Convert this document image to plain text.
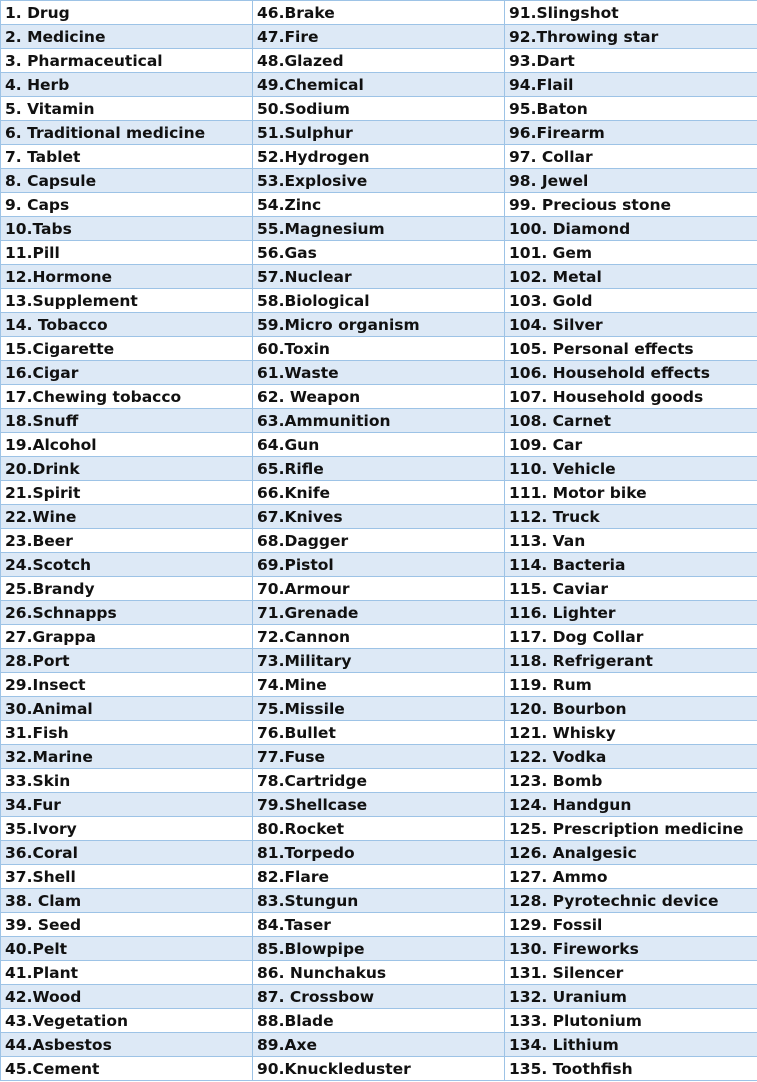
1. Drug	46.Brake	91.Slingshot
2. Medicine	47.Fire	92.Throwing star
3. Pharmaceutical	48.Glazed	93.Dart
4. Herb	49.Chemical	94.Flail
5. Vitamin	50.Sodium	95.Baton
6. Traditional medicine	51.Sulphur	96.Firearm
7. Tablet	52.Hydrogen	97. Collar
8. Capsule	53.Explosive	98. Jewel
9. Caps	54.Zinc	99. Precious stone
10.Tabs	55.Magnesium	100. Diamond
11.Pill	56.Gas	101. Gem
12.Hormone	57.Nuclear	102. Metal
13.Supplement	58.Biological	103. Gold
14. Tobacco	59.Micro organism	104. Silver
15.Cigarette	60.Toxin	105. Personal effects
16.Cigar	61.Waste	106. Household effects
17.Chewing tobacco	62. Weapon	107. Household goods
18.Snuff	63.Ammunition	108. Carnet
19.Alcohol	64.Gun	109. Car
20.Drink	65.Rifle	110. Vehicle
21.Spirit	66.Knife	111. Motor bike
22.Wine	67.Knives	112. Truck
23.Beer	68.Dagger	113. Van
24.Scotch	69.Pistol	114. Bacteria
25.Brandy	70.Armour	115. Caviar
26.Schnapps	71.Grenade	116. Lighter
27.Grappa	72.Cannon	117. Dog Collar
28.Port	73.Military	118. Refrigerant
29.Insect	74.Mine	119. Rum
30.Animal	75.Missile	120. Bourbon
31.Fish	76.Bullet	121. Whisky
32.Marine	77.Fuse	122. Vodka
33.Skin	78.Cartridge	123. Bomb
34.Fur	79.Shellcase	124. Handgun
35.Ivory	80.Rocket	125. Prescription medicine
36.Coral	81.Torpedo	126. Analgesic
37.Shell	82.Flare	127. Ammo
38. Clam	83.Stungun	128. Pyrotechnic device
39. Seed	84.Taser	129. Fossil
40.Pelt	85.Blowpipe	130. Fireworks
41.Plant	86. Nunchakus	131. Silencer
42.Wood	87. Crossbow	132. Uranium
43.Vegetation	88.Blade	133. Plutonium
44.Asbestos	89.Axe	134. Lithium
45.Cement	90.Knuckleduster	135. Toothfish
